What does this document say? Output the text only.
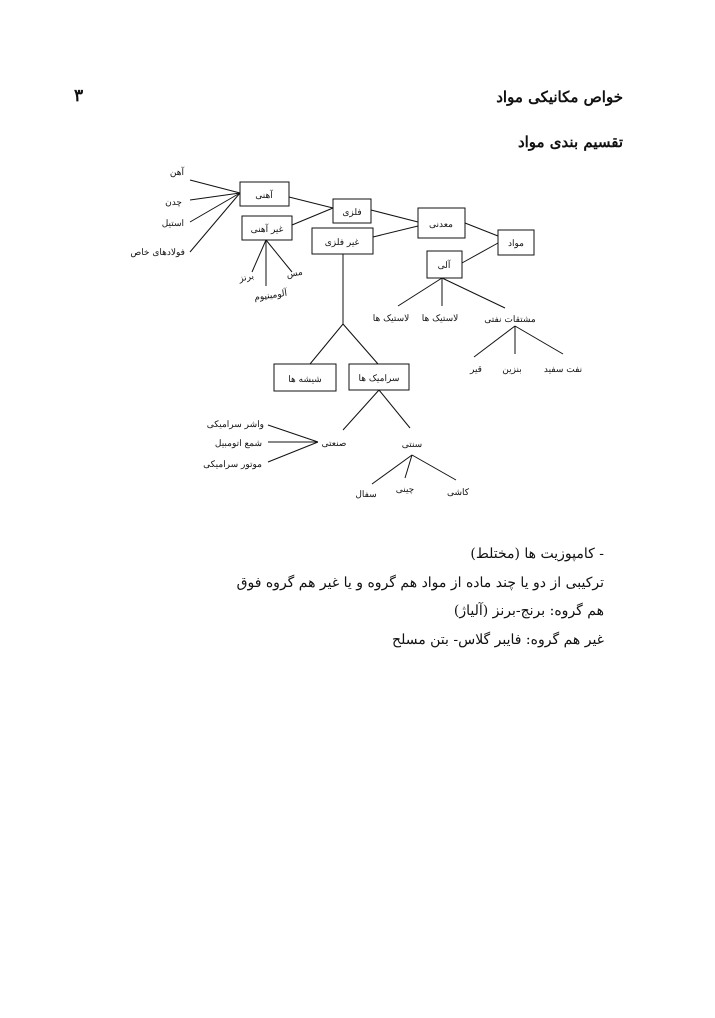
۳	خواص مکانیکی مواد
تقسیم بندی مواد
آهنی
غیر آهنی
فلزی
غیر فلزی
معدنی
مواد
آلی
شیشه ها	سرامیک ها
صنعتی	سنتی
آهن
چدن
استیل
فولادهای خاص
مس
برنز
آلومینیوم
لاستیک ها لاستیک ها	مشتقات نفتی
قیر بنزین نفت سفید
واشر سرامیکی
شمع اتومبیل
موتور سرامیکی
سفال چینی	کاشی
- کامپوزیت ها (مختلط)
ترکیبی از دو یا چند ماده از مواد هم گروه و یا غیر هم گروه فوق
هم گروه: برنج-برنز (آلیاژ)
غیر هم گروه: فایبر گلاس- بتن مسلح
